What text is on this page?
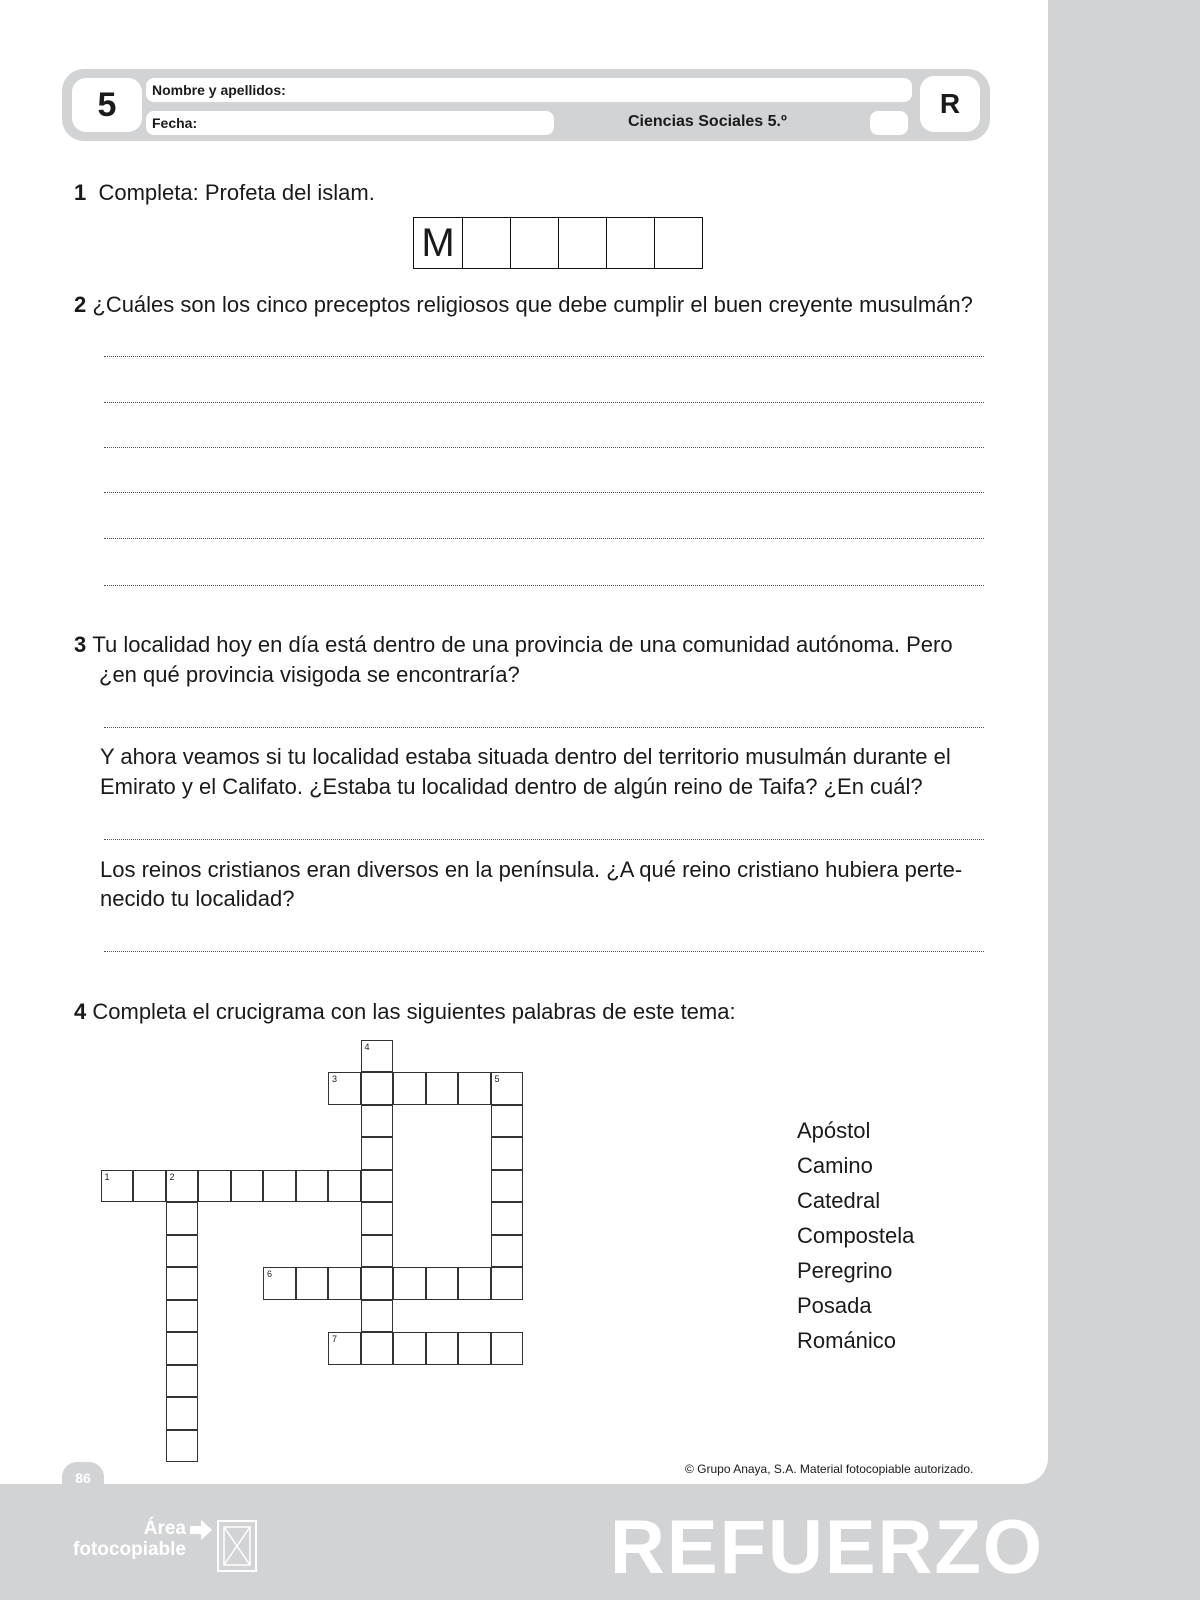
5	Nombre y apellidos:
Fecha:	Ciencias Sociales 5.º
R
1 Completa: Profeta del islam.
M
2 ¿Cuáles son los cinco preceptos religiosos que debe cumplir el buen creyente musulmán?
3 Tu localidad hoy en día está dentro de una provincia de una comunidad autónoma. Pero
¿en qué provincia visigoda se encontraría?
Y ahora veamos si tu localidad estaba situada dentro del territorio musulmán durante el
Emirato y el Califato. ¿Estaba tu localidad dentro de algún reino de Taifa? ¿En cuál?
Los reinos cristianos eran diversos en la península. ¿A qué reino cristiano hubiera perte-
necido tu localidad?
4 Completa el crucigrama con las siguientes palabras de este tema:
4
3	5
1	2
6
7
Apóstol
Camino
Catedral
Compostela
Peregrino
Posada
Románico
© Grupo Anaya, S.A. Material fotocopiable autorizado.
86
Área
fotocopiable	REFUERZO
